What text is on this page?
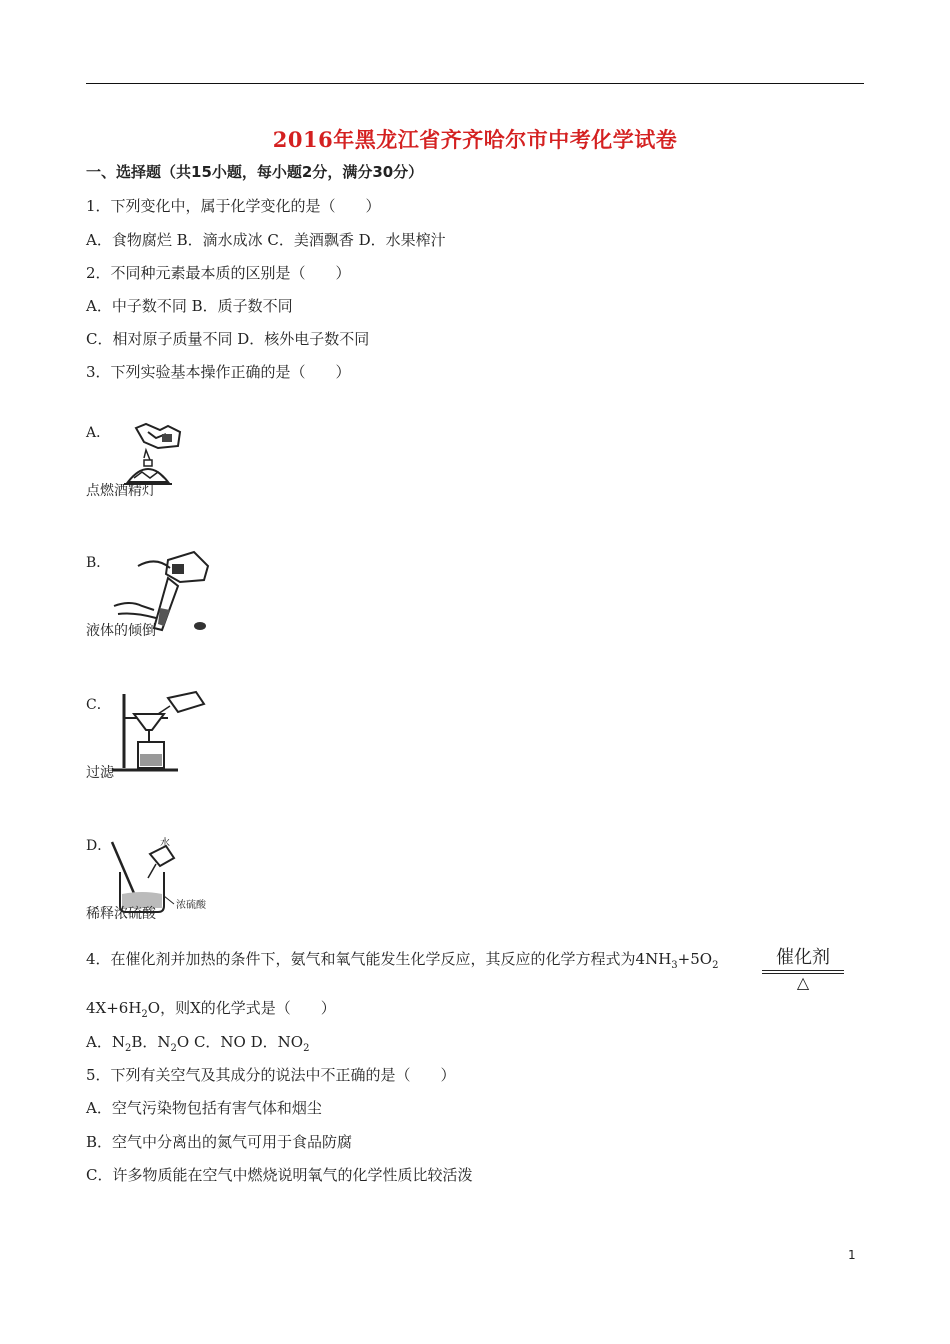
2016年黑龙江省齐齐哈尔市中考化学试卷
一、选择题（共15小题，每小题2分，满分30分）
1．下列变化中，属于化学变化的是（　　）
A．食物腐烂 B．滴水成冰 C．美酒飘香 D．水果榨汁
2．不同种元素最本质的区别是（　　）
A．中子数不同 B．质子数不同
C．相对原子质量不同 D．核外电子数不同
3．下列实验基本操作正确的是（　　）
A．
点燃酒精灯
B．
液体的倾倒
C．
过滤
D．	水
浓硫酸
稀释浓硫酸
4．在催化剂并加热的条件下，氨气和氧气能发生化学反应，其反应的化学方程式为$4NH_3+5O_2$	催化剂
△
$4X+6H_2O$，则X的化学式是（　　）
A．$N_2B$．$N_2O$ C．NO D．$NO_2$
5．下列有关空气及其成分的说法中不正确的是（　　）
A．空气污染物包括有害气体和烟尘
B．空气中分离出的氮气可用于食品防腐
C．许多物质能在空气中燃烧说明氧气的化学性质比较活泼
1
